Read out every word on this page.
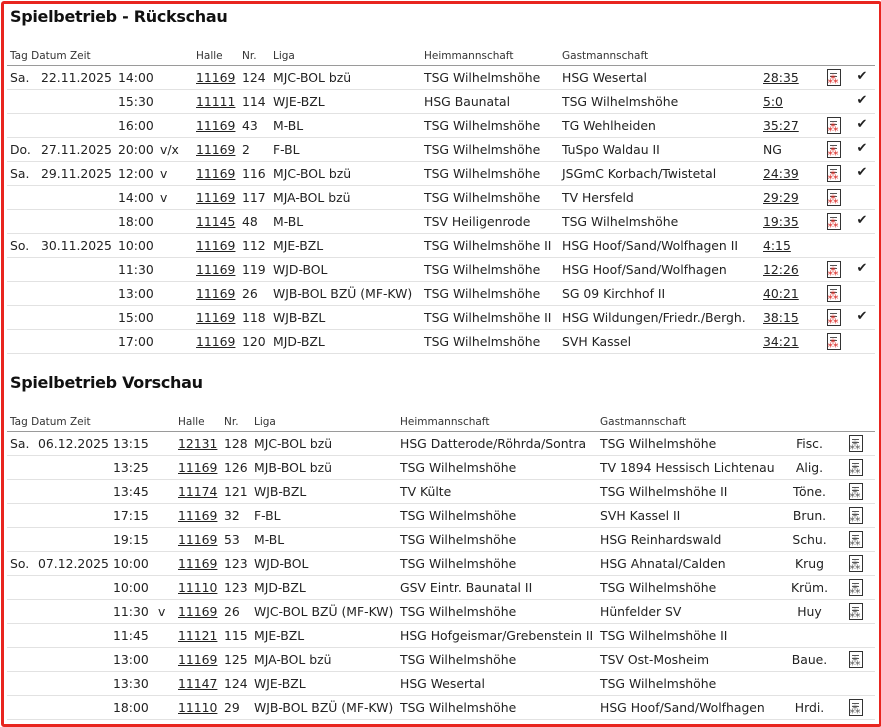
Spielbetrieb - Rückschau
Tag Datum Zeit				Halle	Nr.	Liga	Heimmannschaft	Gastmannschaft			
Sa.	22.11.2025	14:00		11169	124	MJC-BOL bzü	TSG Wilhelmshöhe	HSG Wesertal	28:35	⁂	✔
		15:30		11111	114	WJE-BZL	HSG Baunatal	TSG Wilhelmshöhe	5:0		✔
		16:00		11169	43	M-BL	TSG Wilhelmshöhe	TG Wehlheiden	35:27	⁂	✔
Do.	27.11.2025	20:00	v/x	11169	2	F-BL	TSG Wilhelmshöhe	TuSpo Waldau II	NG	⁂	✔
Sa.	29.11.2025	12:00	v	11169	116	MJC-BOL bzü	TSG Wilhelmshöhe	JSGmC Korbach/Twistetal	24:39	⁂	✔
		14:00	v	11169	117	MJA-BOL bzü	TSG Wilhelmshöhe	TV Hersfeld	29:29	⁂	
		18:00		11145	48	M-BL	TSV Heiligenrode	TSG Wilhelmshöhe	19:35	⁂	✔
So.	30.11.2025	10:00		11169	112	MJE-BZL	TSG Wilhelmshöhe II	HSG Hoof/Sand/Wolfhagen II	4:15		
		11:30		11169	119	WJD-BOL	TSG Wilhelmshöhe	HSG Hoof/Sand/Wolfhagen	12:26	⁂	✔
		13:00		11169	26	WJB-BOL BZÜ (MF-KW)	TSG Wilhelmshöhe	SG 09 Kirchhof II	40:21	⁂	
		15:00		11169	118	WJB-BZL	TSG Wilhelmshöhe II	HSG Wildungen/Friedr./Bergh.	38:15	⁂	✔
		17:00		11169	120	MJD-BZL	TSG Wilhelmshöhe	SVH Kassel	34:21	⁂	
Spielbetrieb Vorschau
Tag Datum Zeit				Halle	Nr.	Liga	Heimmannschaft	Gastmannschaft		
Sa.	06.12.2025	13:15		12131	128	MJC-BOL bzü	HSG Datterode/Röhrda/Sontra	TSG Wilhelmshöhe	Fisc.	⁂
		13:25		11169	126	MJB-BOL bzü	TSG Wilhelmshöhe	TV 1894 Hessisch Lichtenau	Alig.	⁂
		13:45		11174	121	WJB-BZL	TV Külte	TSG Wilhelmshöhe II	Töne.	⁂
		17:15		11169	32	F-BL	TSG Wilhelmshöhe	SVH Kassel II	Brun.	⁂
		19:15		11169	53	M-BL	TSG Wilhelmshöhe	HSG Reinhardswald	Schu.	⁂
So.	07.12.2025	10:00		11169	123	WJD-BOL	TSG Wilhelmshöhe	HSG Ahnatal/Calden	Krug	⁂
		10:00		11110	123	MJD-BZL	GSV Eintr. Baunatal II	TSG Wilhelmshöhe	Krüm.	⁂
		11:30	v	11169	26	WJC-BOL BZÜ (MF-KW)	TSG Wilhelmshöhe	Hünfelder SV	Huy	⁂
		11:45		11121	115	MJE-BZL	HSG Hofgeismar/Grebenstein II	TSG Wilhelmshöhe II		
		13:00		11169	125	MJA-BOL bzü	TSG Wilhelmshöhe	TSV Ost-Mosheim	Baue.	⁂
		13:30		11147	124	WJE-BZL	HSG Wesertal	TSG Wilhelmshöhe		
		18:00		11110	29	WJB-BOL BZÜ (MF-KW)	TSG Wilhelmshöhe	HSG Hoof/Sand/Wolfhagen	Hrdi.	⁂
